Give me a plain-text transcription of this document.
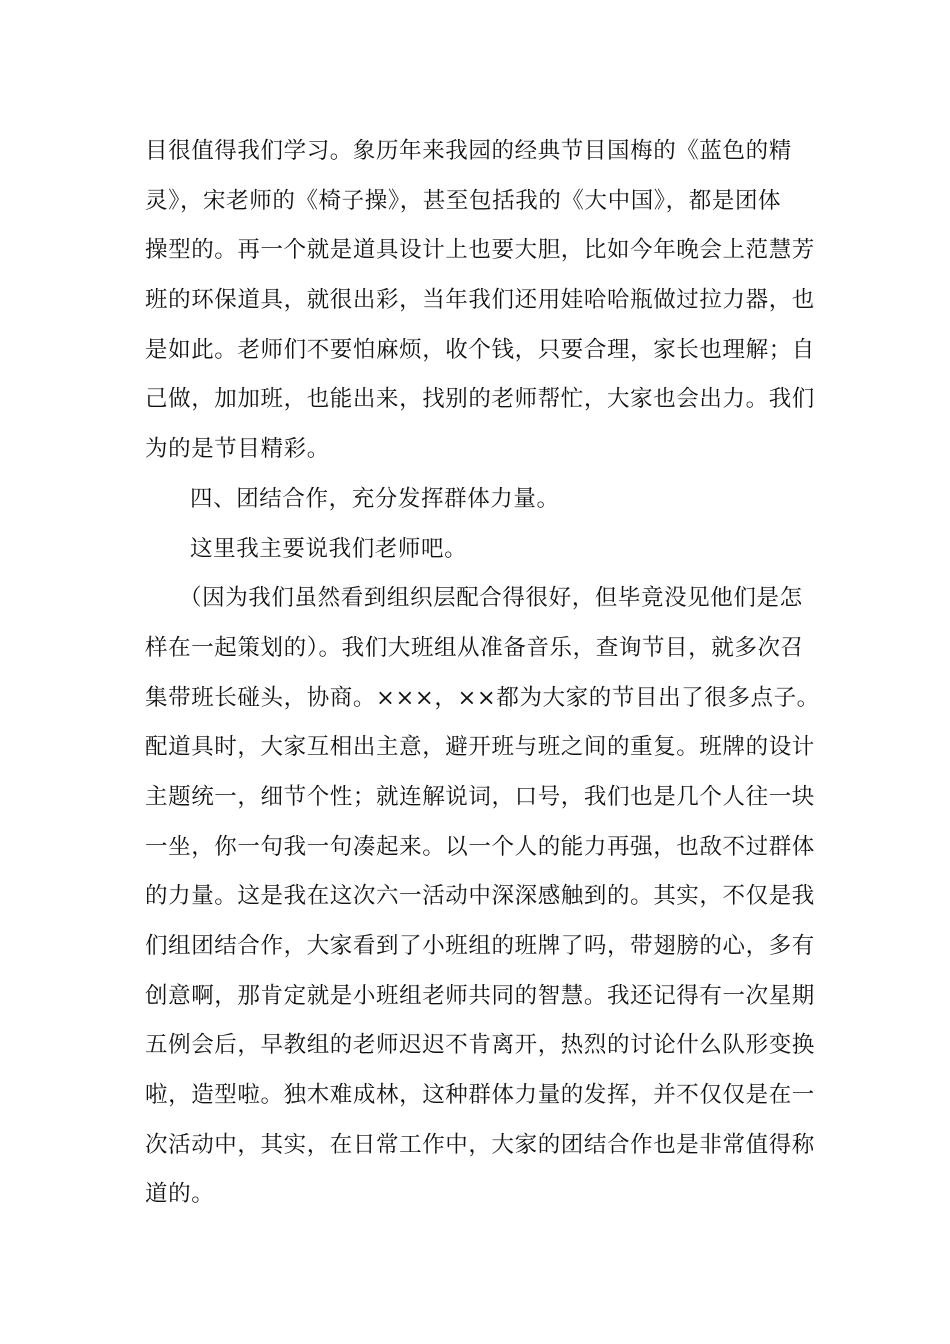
目很值得我们学习。象历年来我园的经典节目国梅的《蓝色的精
灵》，宋老师的《椅子操》，甚至包括我的《大中国》，都是团体
操型的。再一个就是道具设计上也要大胆，比如今年晚会上范慧芳
班的环保道具，就很出彩，当年我们还用娃哈哈瓶做过拉力器，也
是如此。老师们不要怕麻烦，收个钱，只要合理，家长也理解；自
己做，加加班，也能出来，找别的老师帮忙，大家也会出力。我们
为的是节目精彩。
四、团结合作，充分发挥群体力量。
这里我主要说我们老师吧。
（因为我们虽然看到组织层配合得很好，但毕竟没见他们是怎
样在一起策划的）。我们大班组从准备音乐，查询节目，就多次召
集带班长碰头，协商。×××，××都为大家的节目出了很多点子。
配道具时，大家互相出主意，避开班与班之间的重复。班牌的设计
主题统一，细节个性；就连解说词，口号，我们也是几个人往一块
一坐，你一句我一句凑起来。以一个人的能力再强，也敌不过群体
的力量。这是我在这次六一活动中深深感触到的。其实，不仅是我
们组团结合作，大家看到了小班组的班牌了吗，带翅膀的心，多有
创意啊，那肯定就是小班组老师共同的智慧。我还记得有一次星期
五例会后，早教组的老师迟迟不肯离开，热烈的讨论什么队形变换
啦，造型啦。独木难成林，这种群体力量的发挥，并不仅仅是在一
次活动中，其实，在日常工作中，大家的团结合作也是非常值得称
道的。
